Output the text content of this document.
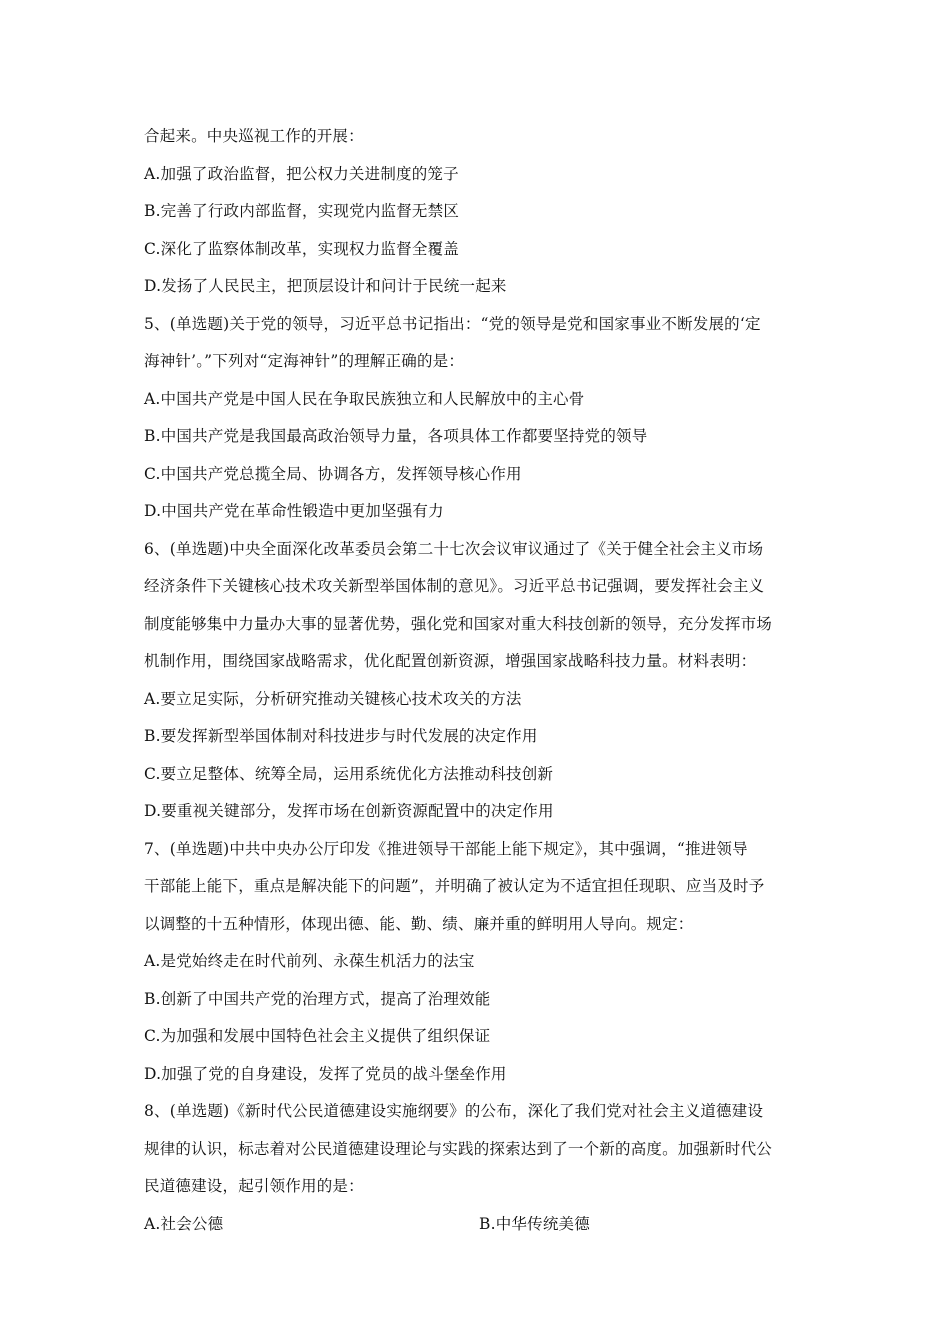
合起来。中央巡视工作的开展：
A.加强了政治监督，把公权力关进制度的笼子
B.完善了行政内部监督，实现党内监督无禁区
C.深化了监察体制改革，实现权力监督全覆盖
D.发扬了人民民主，把顶层设计和问计于民统一起来
5、(单选题)关于党的领导，习近平总书记指出：“党的领导是党和国家事业不断发展的‘定
海神针’。”下列对“定海神针”的理解正确的是：
A.中国共产党是中国人民在争取民族独立和人民解放中的主心骨
B.中国共产党是我国最高政治领导力量，各项具体工作都要坚持党的领导
C.中国共产党总揽全局、协调各方，发挥领导核心作用
D.中国共产党在革命性锻造中更加坚强有力
6、(单选题)中央全面深化改革委员会第二十七次会议审议通过了《关于健全社会主义市场
经济条件下关键核心技术攻关新型举国体制的意见》。习近平总书记强调，要发挥社会主义
制度能够集中力量办大事的显著优势，强化党和国家对重大科技创新的领导，充分发挥市场
机制作用，围绕国家战略需求，优化配置创新资源，增强国家战略科技力量。材料表明：
A.要立足实际，分析研究推动关键核心技术攻关的方法
B.要发挥新型举国体制对科技进步与时代发展的决定作用
C.要立足整体、统筹全局，运用系统优化方法推动科技创新
D.要重视关键部分，发挥市场在创新资源配置中的决定作用
7、(单选题)中共中央办公厅印发《推进领导干部能上能下规定》，其中强调，“推进领导
干部能上能下，重点是解决能下的问题”，并明确了被认定为不适宜担任现职、应当及时予
以调整的十五种情形，体现出德、能、勤、绩、廉并重的鲜明用人导向。规定：
A.是党始终走在时代前列、永葆生机活力的法宝
B.创新了中国共产党的治理方式，提高了治理效能
C.为加强和发展中国特色社会主义提供了组织保证
D.加强了党的自身建设，发挥了党员的战斗堡垒作用
8、(单选题)《新时代公民道德建设实施纲要》的公布，深化了我们党对社会主义道德建设
规律的认识，标志着对公民道德建设理论与实践的探索达到了一个新的高度。加强新时代公
民道德建设，起引领作用的是：
A.社会公德	B.中华传统美德
